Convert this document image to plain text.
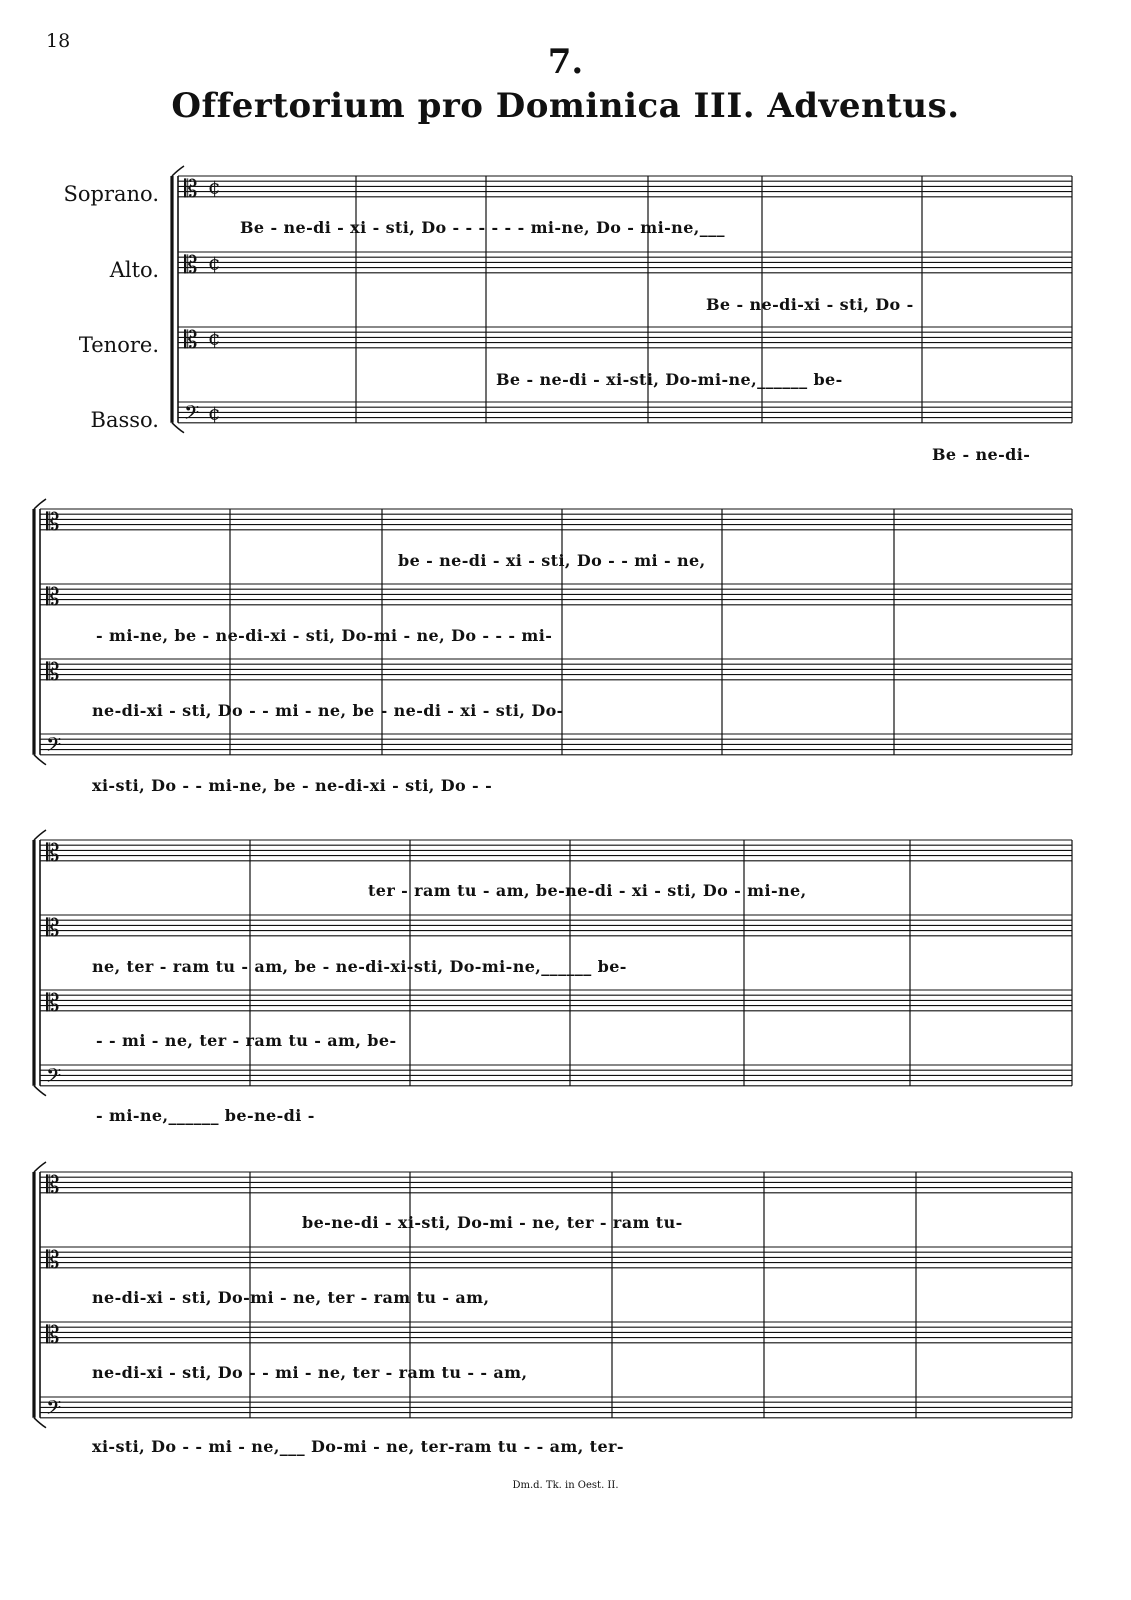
18
7.
Offertorium pro Dominica III. Adventus.
Soprano.
Alto.
Tenore.
Basso.
𝄡 ¢
𝄡 ¢
𝄡 ¢
𝄢 ¢
𝄡
𝄡
𝄡
𝄢
𝄡
𝄡
𝄡
𝄢
𝄡
𝄡
𝄡
𝄢
Be - ne-di - xi - sti, Do - - - - - - mi-ne, Do - mi-ne,___
Be - ne-di-xi - sti, Do -
Be - ne-di - xi-sti, Do-mi-ne,______ be-
Be - ne-di-
be - ne-di - xi - sti, Do - - mi - ne,
- mi-ne, be - ne-di-xi - sti, Do-mi - ne, Do - - - mi-
ne-di-xi - sti, Do - - mi - ne, be - ne-di - xi - sti, Do-
xi-sti, Do - - mi-ne, be - ne-di-xi - sti, Do - -
ter - ram tu - am, be-ne-di - xi - sti, Do - mi-ne,
ne, ter - ram tu - am, be - ne-di-xi-sti, Do-mi-ne,______ be-
- - mi - ne, ter - ram tu - am, be-
- mi-ne,______ be-ne-di -
be-ne-di - xi-sti, Do-mi - ne, ter - ram tu-
ne-di-xi - sti, Do-mi - ne, ter - ram tu - am,
ne-di-xi - sti, Do - - mi - ne, ter - ram tu - - am,
xi-sti, Do - - mi - ne,___ Do-mi - ne, ter-ram tu - - am, ter-
Dm.d. Tk. in Oest. II.
